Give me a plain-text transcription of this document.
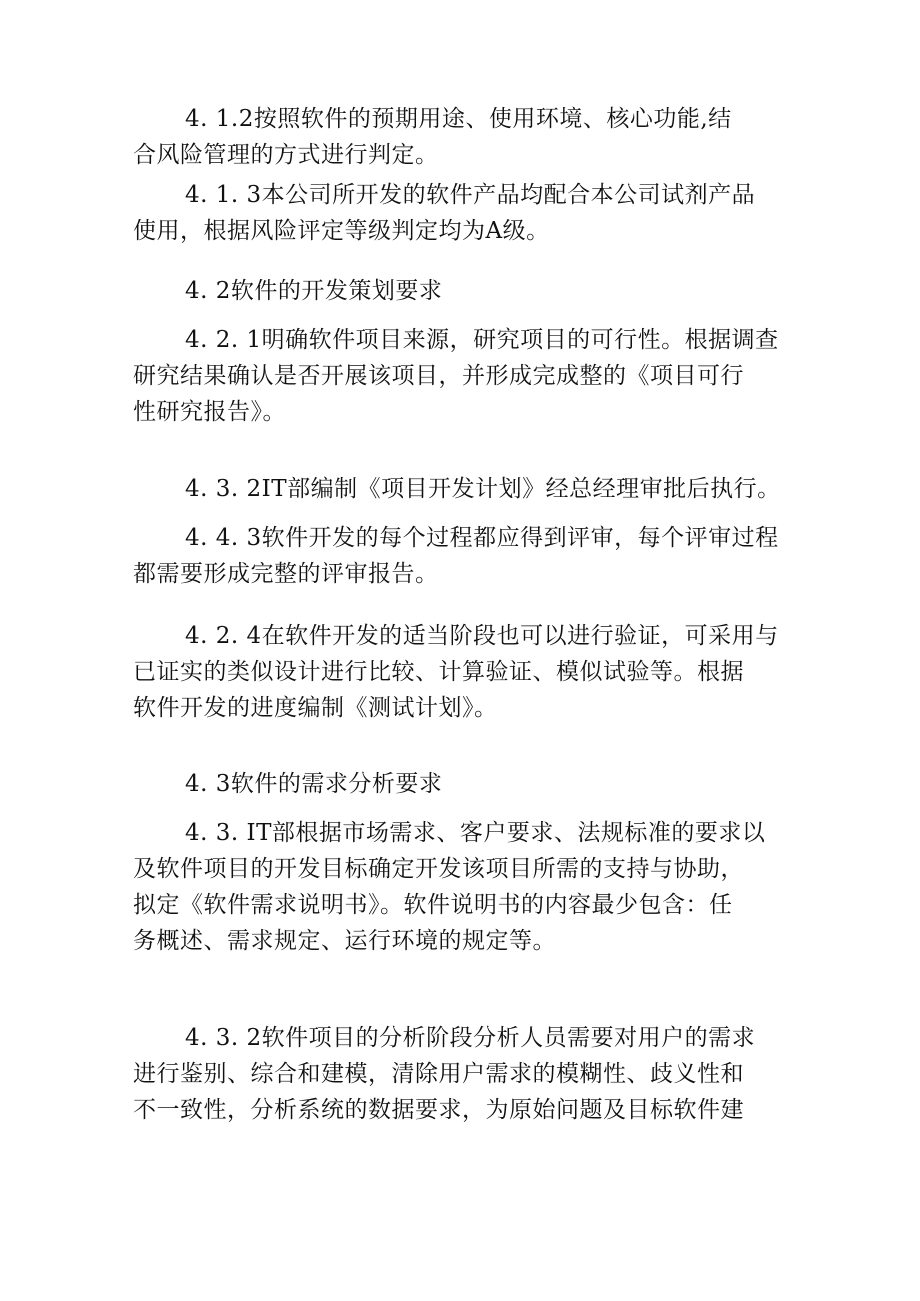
4. 1.2按照软件的预期用途、使用环境、核心功能,结
合风险管理的方式进行判定。
4. 1. 3本公司所开发的软件产品均配合本公司试剂产品
使用，根据风险评定等级判定均为A级。
4. 2软件的开发策划要求
4. 2. 1明确软件项目来源，研究项目的可行性。根据调查
研究结果确认是否开展该项目，并形成完成整的《项目可行
性研究报告》。
4. 3. 2IT部编制《项目开发计划》经总经理审批后执行。
4. 4. 3软件开发的每个过程都应得到评审，每个评审过程
都需要形成完整的评审报告。
4. 2. 4在软件开发的适当阶段也可以进行验证，可采用与
已证实的类似设计进行比较、计算验证、模似试验等。根据
软件开发的进度编制《测试计划》。
4. 3软件的需求分析要求
4. 3. IT部根据市场需求、客户要求、法规标准的要求以
及软件项目的开发目标确定开发该项目所需的支持与协助，
拟定《软件需求说明书》。软件说明书的内容最少包含：任
务概述、需求规定、运行环境的规定等。
4. 3. 2软件项目的分析阶段分析人员需要对用户的需求
进行鉴别、综合和建模，清除用户需求的模糊性、歧义性和
不一致性，分析系统的数据要求，为原始问题及目标软件建
